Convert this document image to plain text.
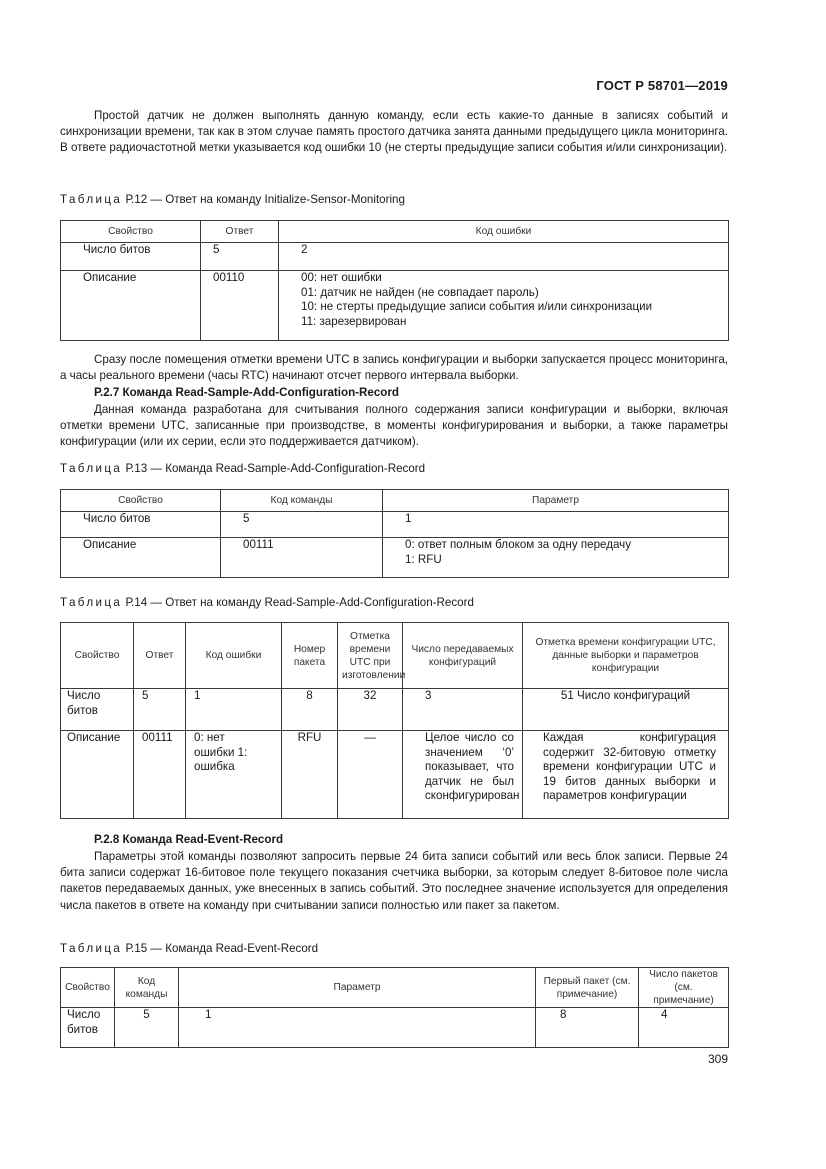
ГОСТ Р 58701—2019

Простой датчик не должен выполнять данную команду, если есть какие-то данные в записях событий и синхронизации времени, так как в этом случае память простого датчика занята данными предыдущего цикла мониторинга. В ответе радиочастотной метки указывается код ошибки 10 (не стерты предыдущие записи события и/или синхронизации).

Таблица Р.12 — Ответ на команду Initialize-Sensor-Monitoring
Свойство	Ответ	Код ошибки
Число битов	5	2
Описание	00110	00: нет ошибки
01: датчик не найден (не совпадает пароль)
10: не стерты предыдущие записи события и/или синхронизации
11: зарезервирован

Сразу после помещения отметки времени UTC в запись конфигурации и выборки запускается процесс мониторинга, а часы реального времени (часы RTC) начинают отсчет первого интервала выборки.

Р.2.7 Команда Read-Sample-Add-Configuration-Record

Данная команда разработана для считывания полного содержания записи конфигурации и выборки, включая отметки времени UTC, записанные при производстве, в моменты конфигурирования и выборки, а также параметры конфигурации (или их серии, если это поддерживается датчиком).

Таблица Р.13 — Команда Read-Sample-Add-Configuration-Record
Свойство	Код команды	Параметр
Число битов	5	1
Описание	00111	0: ответ полным блоком за одну передачу
1: RFU
Таблица Р.14 — Ответ на команду Read-Sample-Add-Configuration-Record
Свойство	Ответ	Код ошибки	Номер пакета	Отметка времени UTC при изготовлении	Число передаваемых конфигураций	Отметка времени конфигурации UTC, данные выборки и параметров конфигурации
Число битов	5	1	8	32	3	51 Число конфигураций
Описание	00111	0: нет ошибки 1: ошибка	RFU	—	Целое число со значением ‘0’ показывает, что датчик не был сконфигурирован	Каждая конфигурация содержит 32-битовую отметку времени конфигурации UTC и 19 битов данных выборки и параметров конфигурации

Р.2.8 Команда Read-Event-Record

Параметры этой команды позволяют запросить первые 24 бита записи событий или весь блок записи. Первые 24 бита записи содержат 16-битовое поле текущего показания счетчика выборки, за которым следует 8-битовое поле числа пакетов передаваемых данных, уже внесенных в запись событий. Это последнее значение используется для определения числа пакетов в ответе на команду при считывании записи полностью или пакет за пакетом.

Таблица Р.15 — Команда Read-Event-Record
Свойство	Код команды	Параметр	Первый пакет (см. примечание)	Число пакетов (см. примечание)
Число битов	5	1	8	4
309
